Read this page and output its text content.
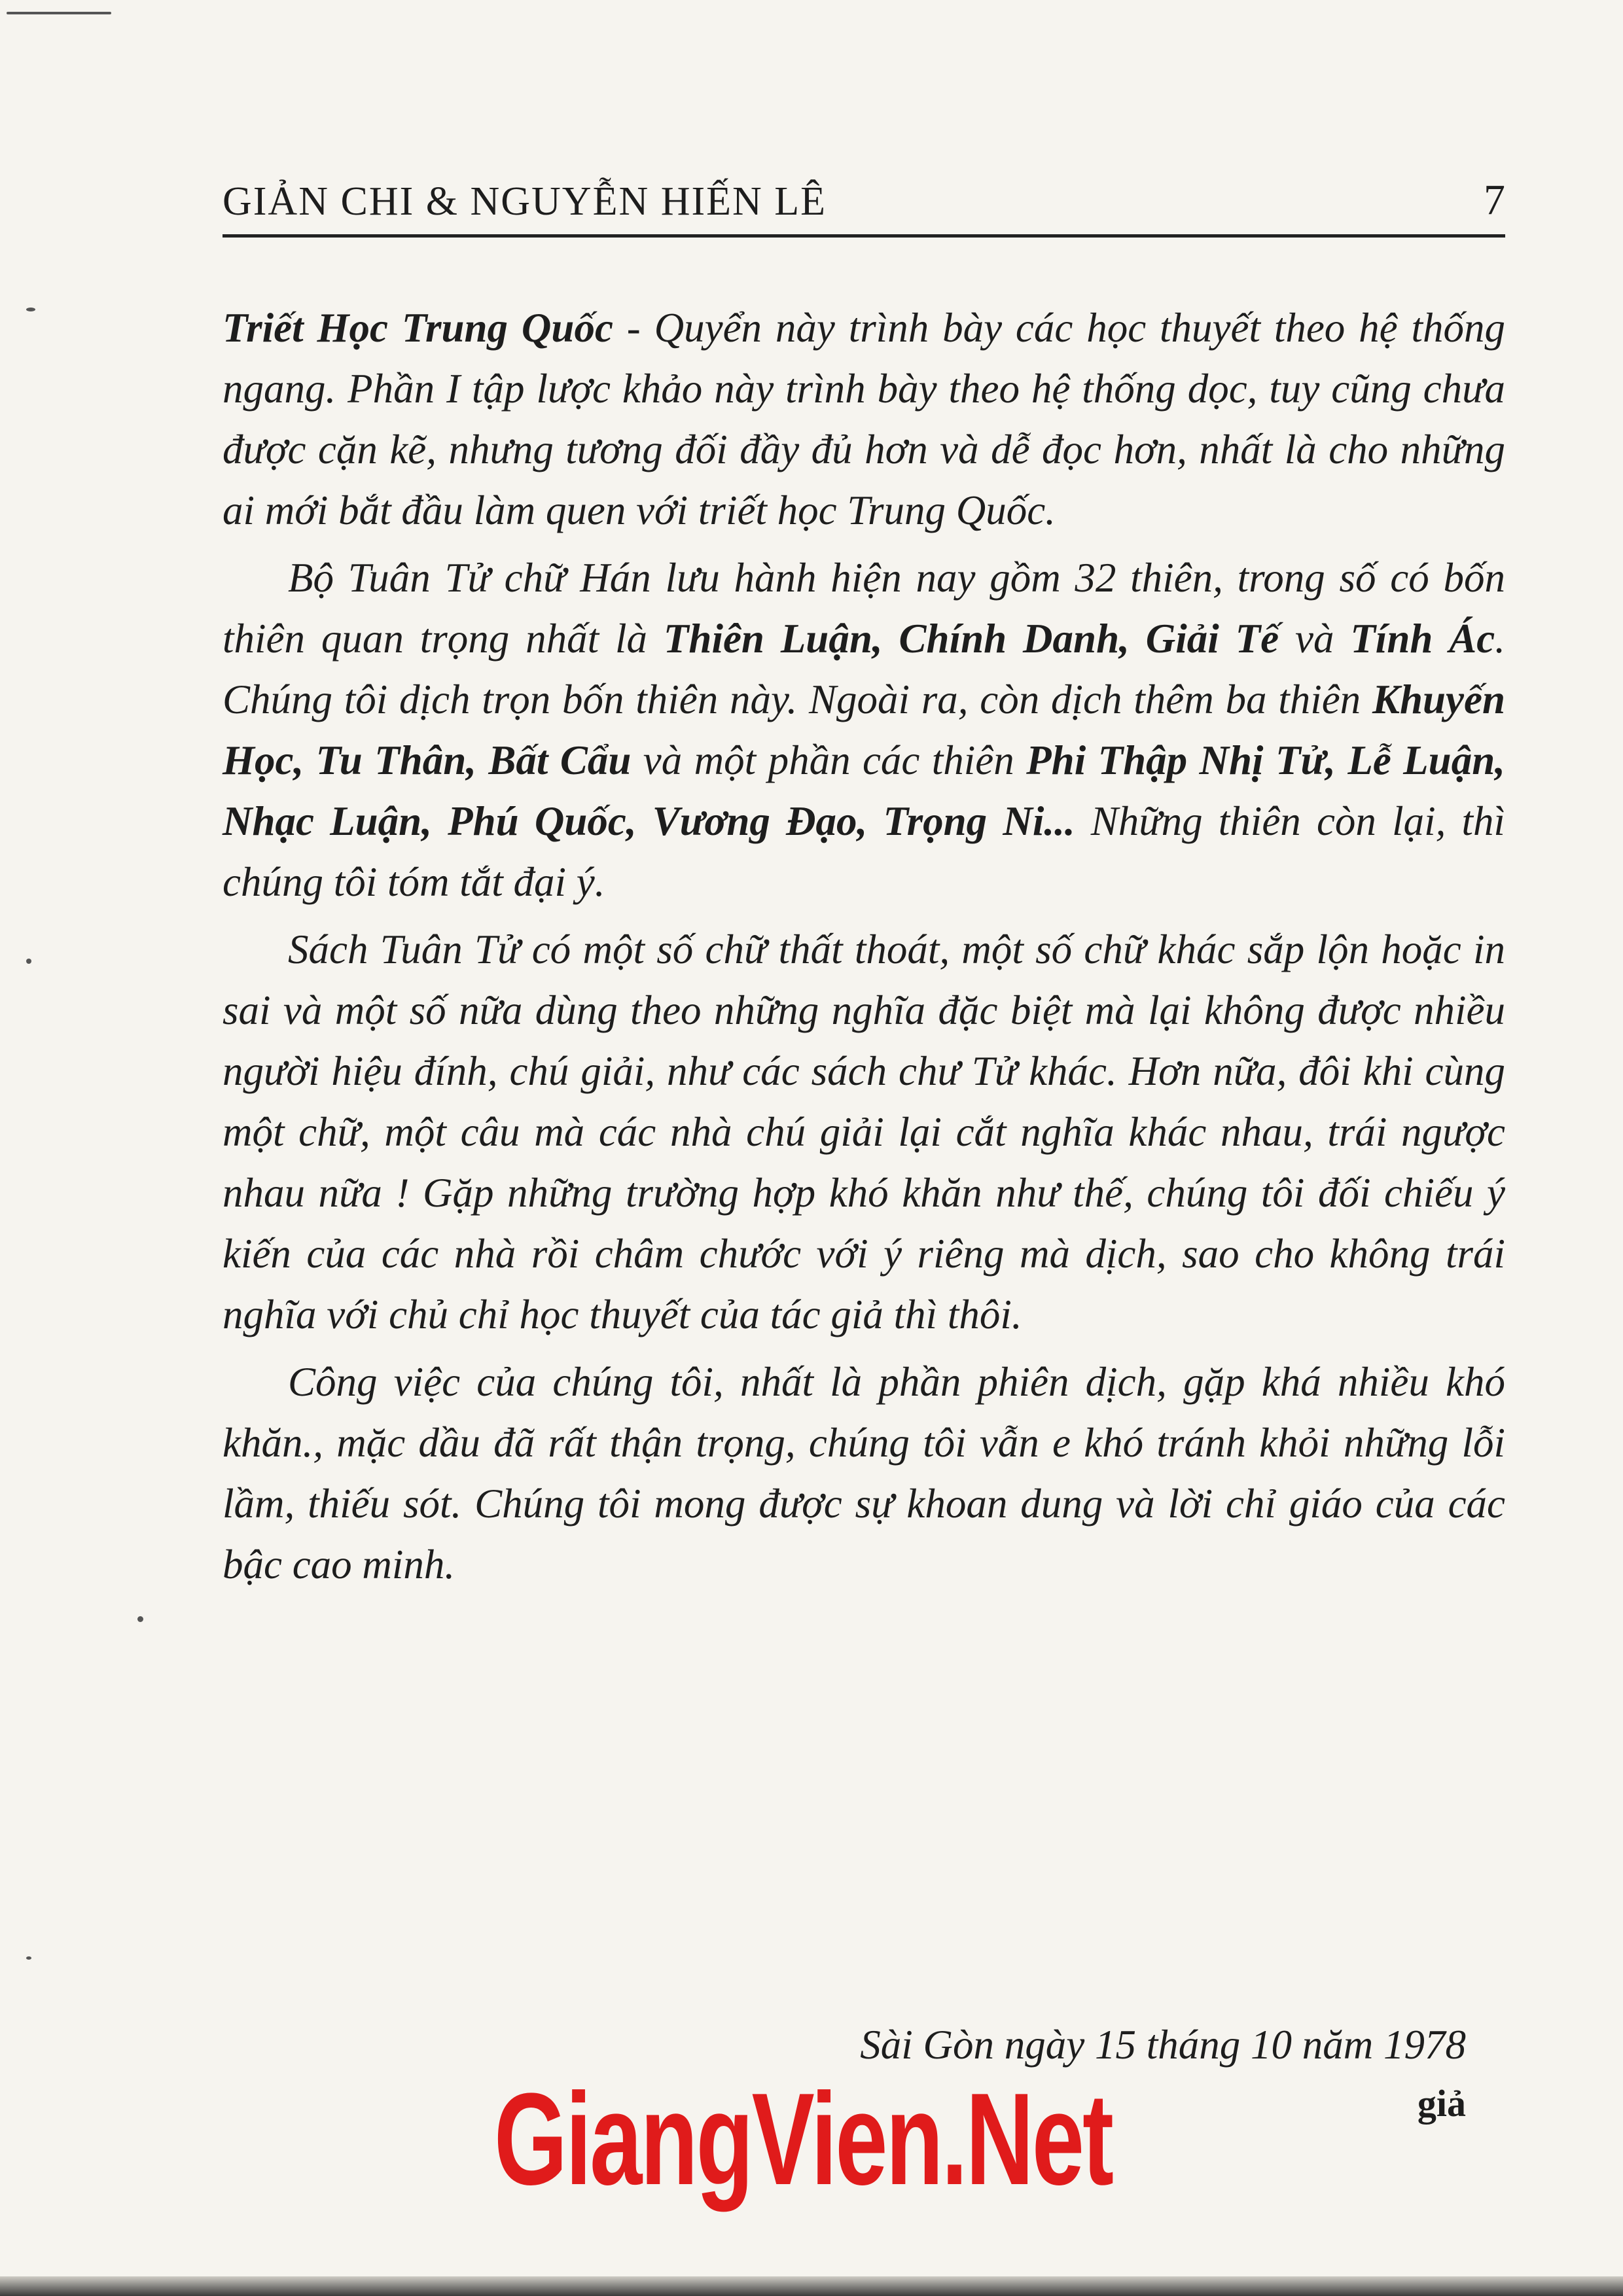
GIẢN CHI & NGUYỄN HIẾN LÊ	7

Triết Học Trung Quốc - Quyển này trình bày các học thuyết theo hệ thống ngang. Phần I tập lược khảo này trình bày theo hệ thống dọc, tuy cũng chưa được cặn kẽ, nhưng tương đối đầy đủ hơn và dễ đọc hơn, nhất là cho những ai mới bắt đầu làm quen với triết học Trung Quốc.

Bộ Tuân Tử chữ Hán lưu hành hiện nay gồm 32 thiên, trong số có bốn thiên quan trọng nhất là Thiên Luận, Chính Danh, Giải Tế và Tính Ác. Chúng tôi dịch trọn bốn thiên này. Ngoài ra, còn dịch thêm ba thiên Khuyến Học, Tu Thân, Bất Cẩu và một phần các thiên Phi Thập Nhị Tử, Lễ Luận, Nhạc Luận, Phú Quốc, Vương Đạo, Trọng Ni... Những thiên còn lại, thì chúng tôi tóm tắt đại ý.

Sách Tuân Tử có một số chữ thất thoát, một số chữ khác sắp lộn hoặc in sai và một số nữa dùng theo những nghĩa đặc biệt mà lại không được nhiều người hiệu đính, chú giải, như các sách chư Tử khác. Hơn nữa, đôi khi cùng một chữ, một câu mà các nhà chú giải lại cắt nghĩa khác nhau, trái ngược nhau nữa ! Gặp những trường hợp khó khăn như thế, chúng tôi đối chiếu ý kiến của các nhà rồi châm chước với ý riêng mà dịch, sao cho không trái nghĩa với chủ chỉ học thuyết của tác giả thì thôi.

Công việc của chúng tôi, nhất là phần phiên dịch, gặp khá nhiều khó khăn., mặc dầu đã rất thận trọng, chúng tôi vẫn e khó tránh khỏi những lỗi lầm, thiếu sót. Chúng tôi mong được sự khoan dung và lời chỉ giáo của các bậc cao minh.

Sài Gòn ngày 15 tháng 10 năm 1978
giả
GiangVien.Net
